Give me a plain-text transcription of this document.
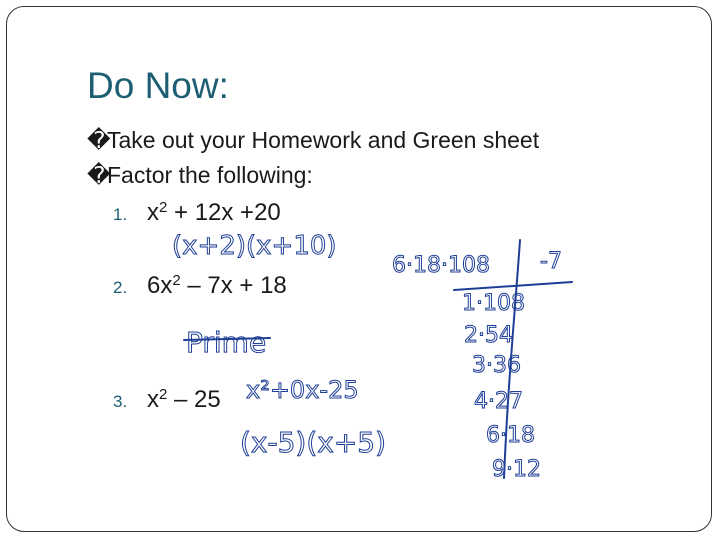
Do Now:
�Take out your Homework and Green sheet
�Factor the following:
1. $x^2 + 12x +20$
2. $6x^2 - 7x + 18$
3. $x^2 - 25$
(x+2)(x+10)
Prime
x²+0x-25
(x-5)(x+5)
6·18·108 -7
1·108
2·54
3·36
4·27
6·18
9·12
